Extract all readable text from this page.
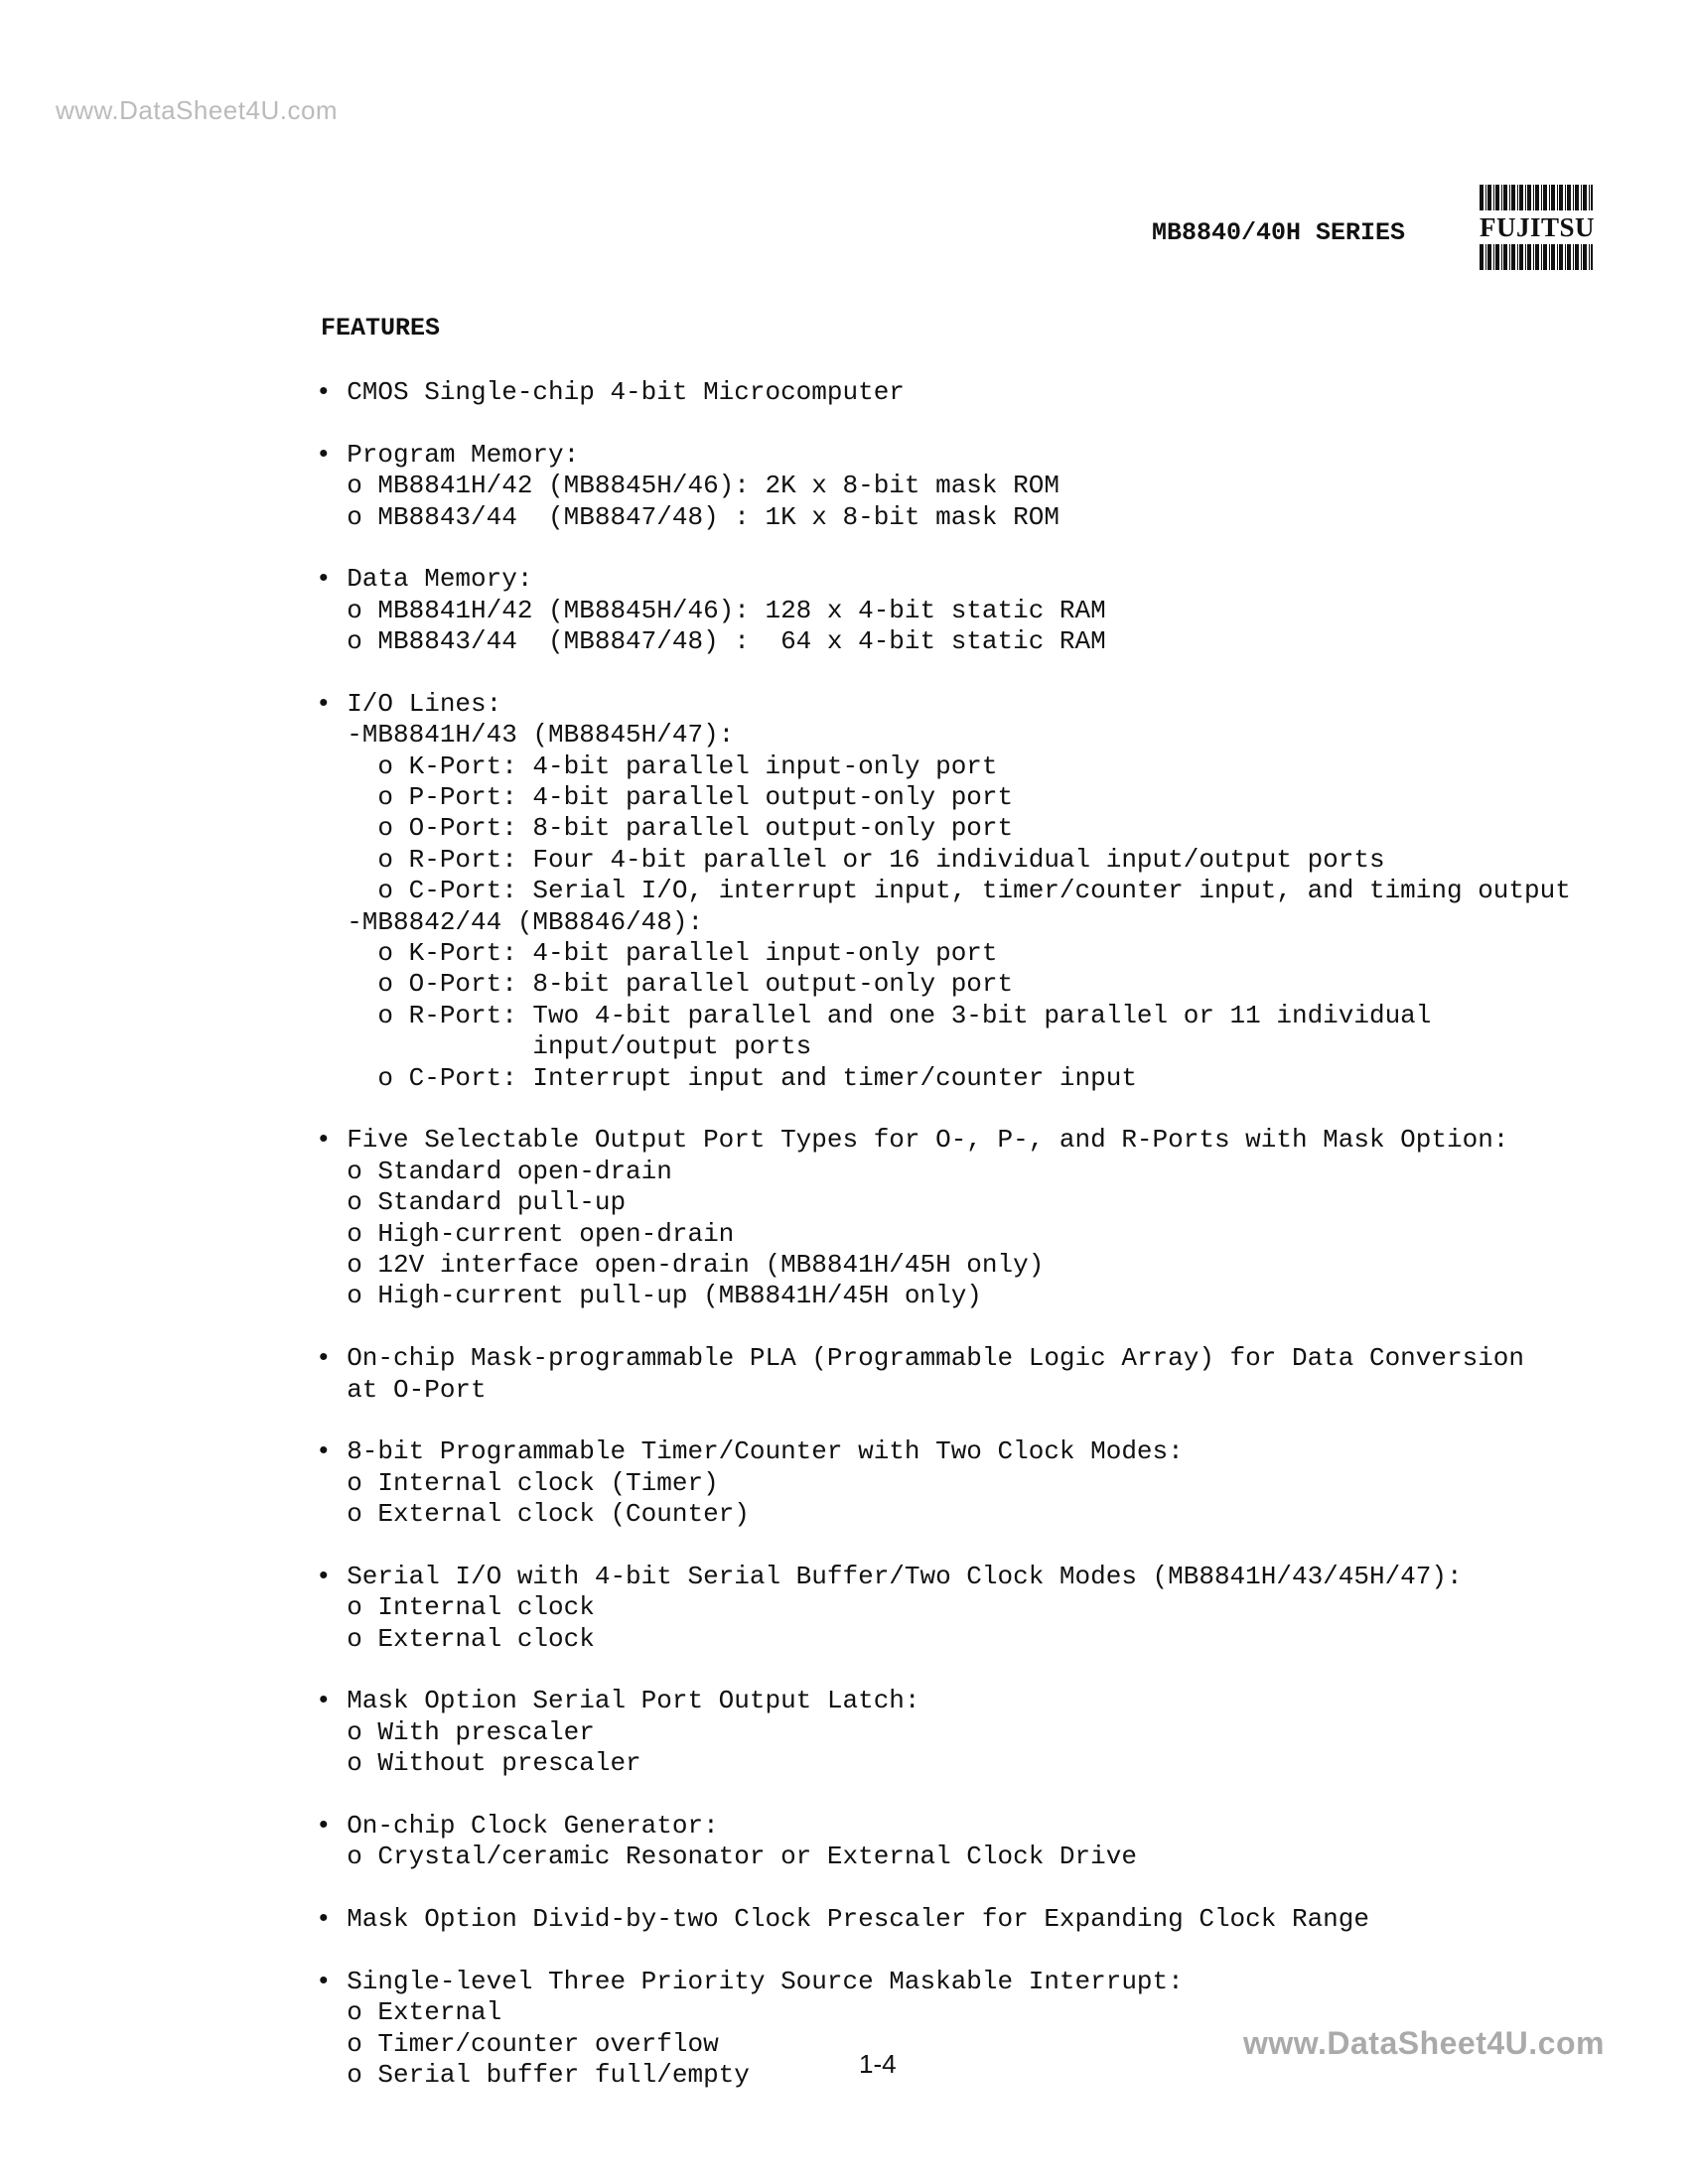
www.DataSheet4U.com
MB8840/40H SERIES	FUJITSU
FEATURES
• CMOS Single-chip 4-bit Microcomputer
• Program Memory:
o MB8841H/42 (MB8845H/46): 2K x 8-bit mask ROM
o MB8843/44  (MB8847/48) : 1K x 8-bit mask ROM
• Data Memory:
o MB8841H/42 (MB8845H/46): 128 x 4-bit static RAM
o MB8843/44  (MB8847/48) :  64 x 4-bit static RAM
• I/O Lines:
-MB8841H/43 (MB8845H/47):
o K-Port: 4-bit parallel input-only port
o P-Port: 4-bit parallel output-only port
o O-Port: 8-bit parallel output-only port
o R-Port: Four 4-bit parallel or 16 individual input/output ports
o C-Port: Serial I/O, interrupt input, timer/counter input, and timing output
-MB8842/44 (MB8846/48):
o K-Port: 4-bit parallel input-only port
o O-Port: 8-bit parallel output-only port
o R-Port: Two 4-bit parallel and one 3-bit parallel or 11 individual
input/output ports
o C-Port: Interrupt input and timer/counter input
• Five Selectable Output Port Types for O-, P-, and R-Ports with Mask Option:
o Standard open-drain
o Standard pull-up
o High-current open-drain
o 12V interface open-drain (MB8841H/45H only)
o High-current pull-up (MB8841H/45H only)
• On-chip Mask-programmable PLA (Programmable Logic Array) for Data Conversion
at O-Port
• 8-bit Programmable Timer/Counter with Two Clock Modes:
o Internal clock (Timer)
o External clock (Counter)
• Serial I/O with 4-bit Serial Buffer/Two Clock Modes (MB8841H/43/45H/47):
o Internal clock
o External clock
• Mask Option Serial Port Output Latch:
o With prescaler
o Without prescaler
• On-chip Clock Generator:
o Crystal/ceramic Resonator or External Clock Drive
• Mask Option Divid-by-two Clock Prescaler for Expanding Clock Range
• Single-level Three Priority Source Maskable Interrupt:
o External
o Timer/counter overflow
o Serial buffer full/empty	1-4
www.DataSheet4U.com
